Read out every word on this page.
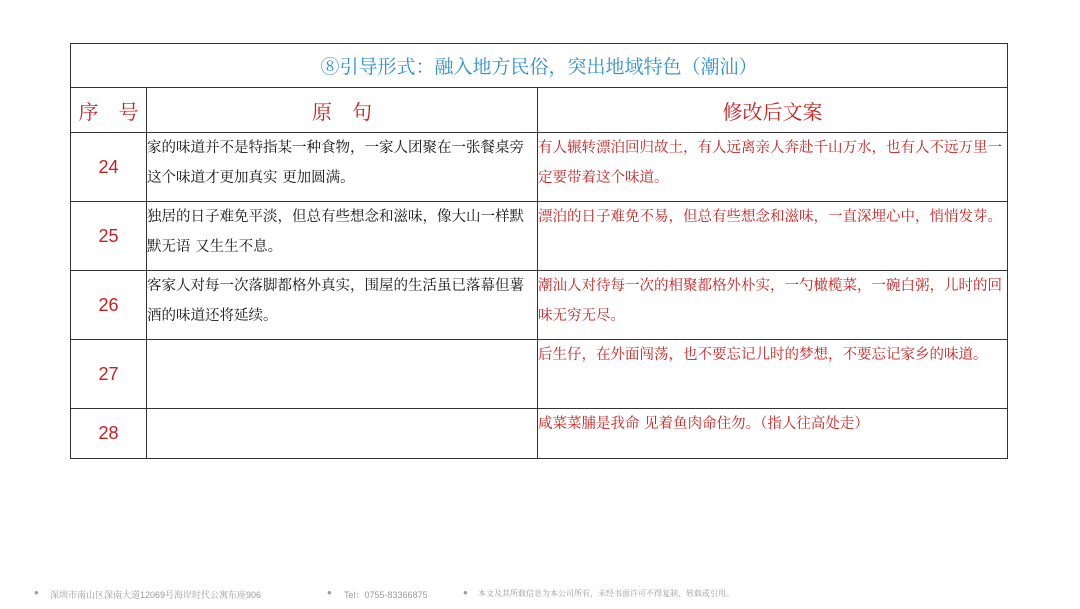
⑧引导形式：融入地方民俗，突出地域特色（潮汕）		
序　号	原　句	修改后文案
24	家的味道并不是特指某一种食物，一家人团聚在一张餐桌旁这个味道才更加真实 更加圆满。	有人辗转漂泊回归故土，有人远离亲人奔赴千山万水，也有人不远万里一定要带着这个味道。
25	独居的日子难免平淡，但总有些想念和滋味，像大山一样默默无语 又生生不息。	漂泊的日子难免不易，但总有些想念和滋味，一直深埋心中，悄悄发芽。
26	客家人对每一次落脚都格外真实，围屋的生活虽已落幕但薯酒的味道还将延续。	潮汕人对待每一次的相聚都格外朴实，一勺橄榄菜，一碗白粥，儿时的回味无穷无尽。
27		后生仔，在外面闯荡，也不要忘记儿时的梦想，不要忘记家乡的味道。
28		咸菜菜脯是我命 见着鱼肉命住勿。（指人往高处走）
● 深圳市南山区深南大道12069号海岸时代公寓东座906	● Tel：0755-83366875	● 本文及其所载信息为本公司所有，未经书面许可不得复制、转载或引用。
